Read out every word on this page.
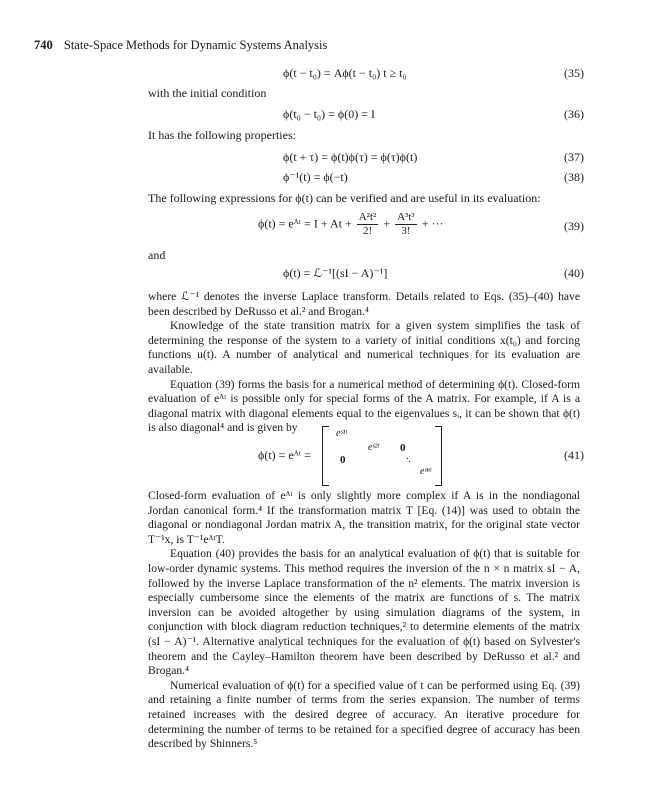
740 State-Space Methods for Dynamic Systems Analysis
ϕ(t − t₀) = Aϕ(t − t₀) t ≥ t₀	(35)
with the initial condition
ϕ(t₀ − t₀) = ϕ(0) = I	(36)
It has the following properties:
ϕ(t + τ) = ϕ(t)ϕ(τ) = ϕ(τ)ϕ(t)	(37)
ϕ⁻¹(t) = ϕ(−t)	(38)
The following expressions for ϕ(t) can be verified and are useful in its evaluation:
ϕ(t) = eᴬᵗ = $I + At + \frac{\text{A²t²}}{2!} + \frac{\text{A³t³}}{3!}$ + ···	(39)
and
ϕ(t) = ℒ⁻¹[(sI − A)⁻¹]	(40)

where ℒ⁻¹ denotes the inverse Laplace transform. Details related to Eqs. (35)–(40) have been described by DeRusso et al.² and Brogan.⁴

Knowledge of the state transition matrix for a given system simplifies the task of determining the response of the system to a variety of initial conditions x(t₀) and forcing functions u(t). A number of analytical and numerical techniques for its evaluation are available.

Equation (39) forms the basis for a numerical method of determining ϕ(t). Closed-form evaluation of eᴬᵗ is possible only for special forms of the A matrix. For example, if A is a diagonal matrix with diagonal elements equal to the eigenvalues sᵢ, it can be shown that ϕ(t) is also diagonal⁴ and is given by

ϕ(t) = eᴬᵗ =
eˢ¹ᵗ
eˢ²ᵗ 0
0	·.
eˢⁿᵗ
(41)

Closed-form evaluation of eᴬᵗ is only slightly more complex if A is in the nondiagonal Jordan canonical form.⁴ If the transformation matrix T [Eq. (14)] was used to obtain the diagonal or nondiagonal Jordan matrix A, the transition matrix, for the original state vector T⁻¹x, is T⁻¹eᴬᵗT.

Equation (40) provides the basis for an analytical evaluation of ϕ(t) that is suitable for low-order dynamic systems. This method requires the inversion of the n × n matrix sI − A, followed by the inverse Laplace transformation of the n² elements. The matrix inversion is especially cumbersome since the elements of the matrix are functions of s. The matrix inversion can be avoided altogether by using simulation diagrams of the system, in conjunction with block diagram reduction techniques,² to determine elements of the matrix (sI − A)⁻¹. Alternative analytical techniques for the evaluation of ϕ(t) based on Sylvester's theorem and the Cayley–Hamilton theorem have been described by DeRusso et al.² and Brogan.⁴

Numerical evaluation of ϕ(t) for a specified value of t can be performed using Eq. (39) and retaining a finite number of terms from the series expansion. The number of terms retained increases with the desired degree of accuracy. An iterative procedure for determining the number of terms to be retained for a specified degree of accuracy has been described by Shinners.⁵
